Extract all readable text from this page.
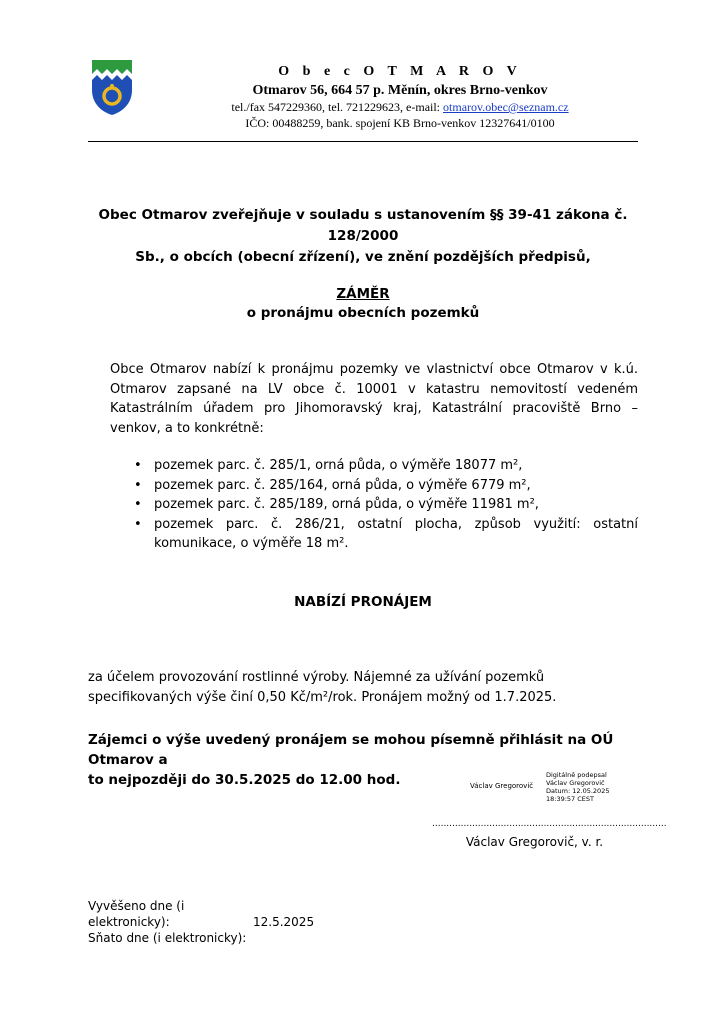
O b e c O T M A R O V
Otmarov 56, 664 57 p. Měnín, okres Brno-venkov
tel./fax 547229360, tel. 721229623, e-mail: otmarov.obec@seznam.cz
IČO: 00488259, bank. spojení KB Brno-venkov 12327641/0100
Obec Otmarov zveřejňuje v souladu s ustanovením §§ 39-41 zákona č. 128/2000
Sb., o obcích (obecní zřízení), ve znění pozdějších předpisů,
ZÁMĚR
o pronájmu obecních pozemků
Obce Otmarov nabízí k pronájmu pozemky ve vlastnictví obce Otmarov v k.ú. Otmarov zapsané na LV obce č. 10001 v katastru nemovitostí vedeném Katastrálním úřadem pro Jihomoravský kraj, Katastrální pracoviště Brno – venkov, a to konkrétně:
• pozemek parc. č. 285/1, orná půda, o výměře 18077 m²,
• pozemek parc. č. 285/164, orná půda, o výměře 6779 m²,
• pozemek parc. č. 285/189, orná půda, o výměře 11981 m²,
• pozemek parc. č. 286/21, ostatní plocha, způsob využití: ostatní komunikace, o výměře 18 m².
NABÍZÍ PRONÁJEM
za účelem provozování rostlinné výroby. Nájemné za užívání pozemků specifikovaných výše činí 0,50 Kč/m²/rok. Pronájem možný od 1.7.2025.
Zájemci o výše uvedený pronájem se mohou písemně přihlásit na OÚ Otmarov a
to nejpozději do 30.5.2025 do 12.00 hod.	Václav Gregorovič
Digitálně podepsal
Václav Gregorovič
Datum: 12.05.2025
18:39:57 CEST
..................................................................................
Václav Gregorovič, v. r.
Vyvěšeno dne (i elektronicky):	12.5.2025
Sňato dne (i elektronicky):
